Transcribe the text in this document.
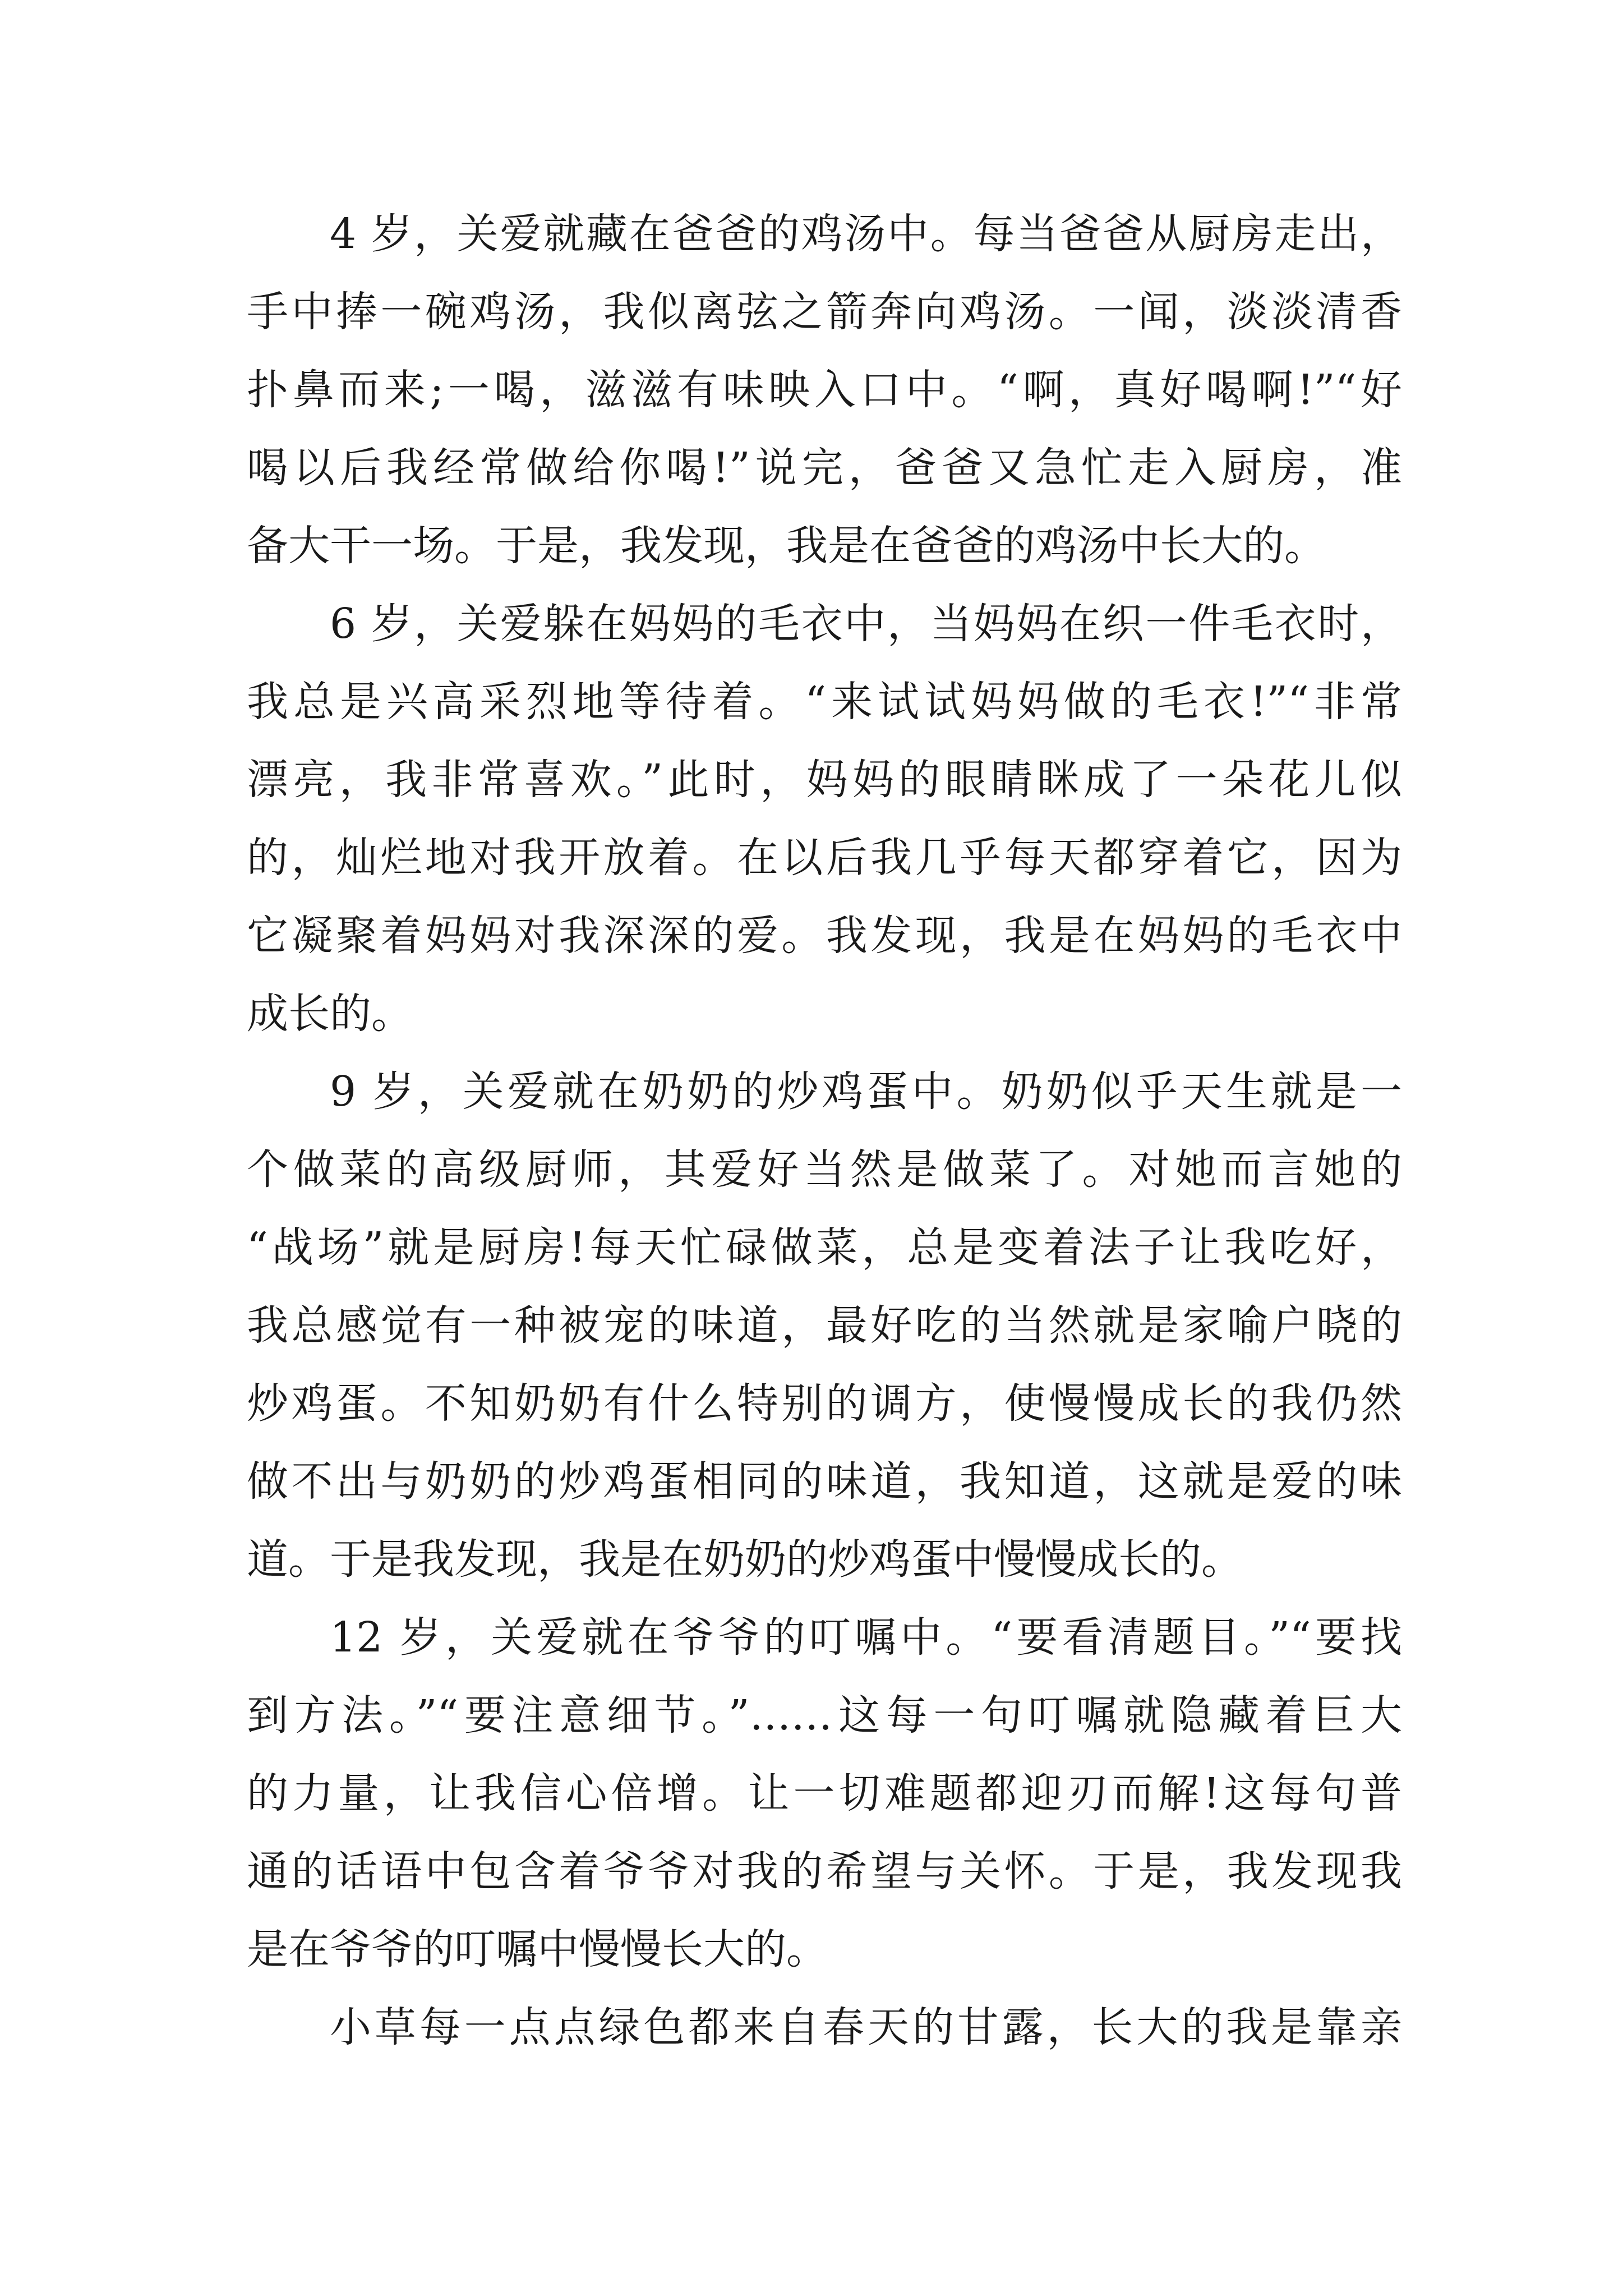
4 岁，关爱就藏在爸爸的鸡汤中。每当爸爸从厨房走出，
手中捧一碗鸡汤，我似离弦之箭奔向鸡汤。一闻，淡淡清香
扑鼻而来;一喝，滋滋有味映入口中。“啊，真好喝啊!”“好
喝以后我经常做给你喝!”说完，爸爸又急忙走入厨房，准
备大干一场。于是，我发现，我是在爸爸的鸡汤中长大的。
6 岁，关爱躲在妈妈的毛衣中，当妈妈在织一件毛衣时，
我总是兴高采烈地等待着。“来试试妈妈做的毛衣!”“非常
漂亮，我非常喜欢。”此时，妈妈的眼睛眯成了一朵花儿似
的，灿烂地对我开放着。在以后我几乎每天都穿着它，因为
它凝聚着妈妈对我深深的爱。我发现，我是在妈妈的毛衣中
成长的。
9 岁，关爱就在奶奶的炒鸡蛋中。奶奶似乎天生就是一
个做菜的高级厨师，其爱好当然是做菜了。对她而言她的
“战场”就是厨房!每天忙碌做菜，总是变着法子让我吃好，
我总感觉有一种被宠的味道，最好吃的当然就是家喻户晓的
炒鸡蛋。不知奶奶有什么特别的调方，使慢慢成长的我仍然
做不出与奶奶的炒鸡蛋相同的味道，我知道，这就是爱的味
道。于是我发现，我是在奶奶的炒鸡蛋中慢慢成长的。
12 岁，关爱就在爷爷的叮嘱中。“要看清题目。”“要找
到方法。”“要注意细节。”……这每一句叮嘱就隐藏着巨大
的力量，让我信心倍增。让一切难题都迎刃而解!这每句普
通的话语中包含着爷爷对我的希望与关怀。于是，我发现我
是在爷爷的叮嘱中慢慢长大的。
小草每一点点绿色都来自春天的甘露，长大的我是靠亲
